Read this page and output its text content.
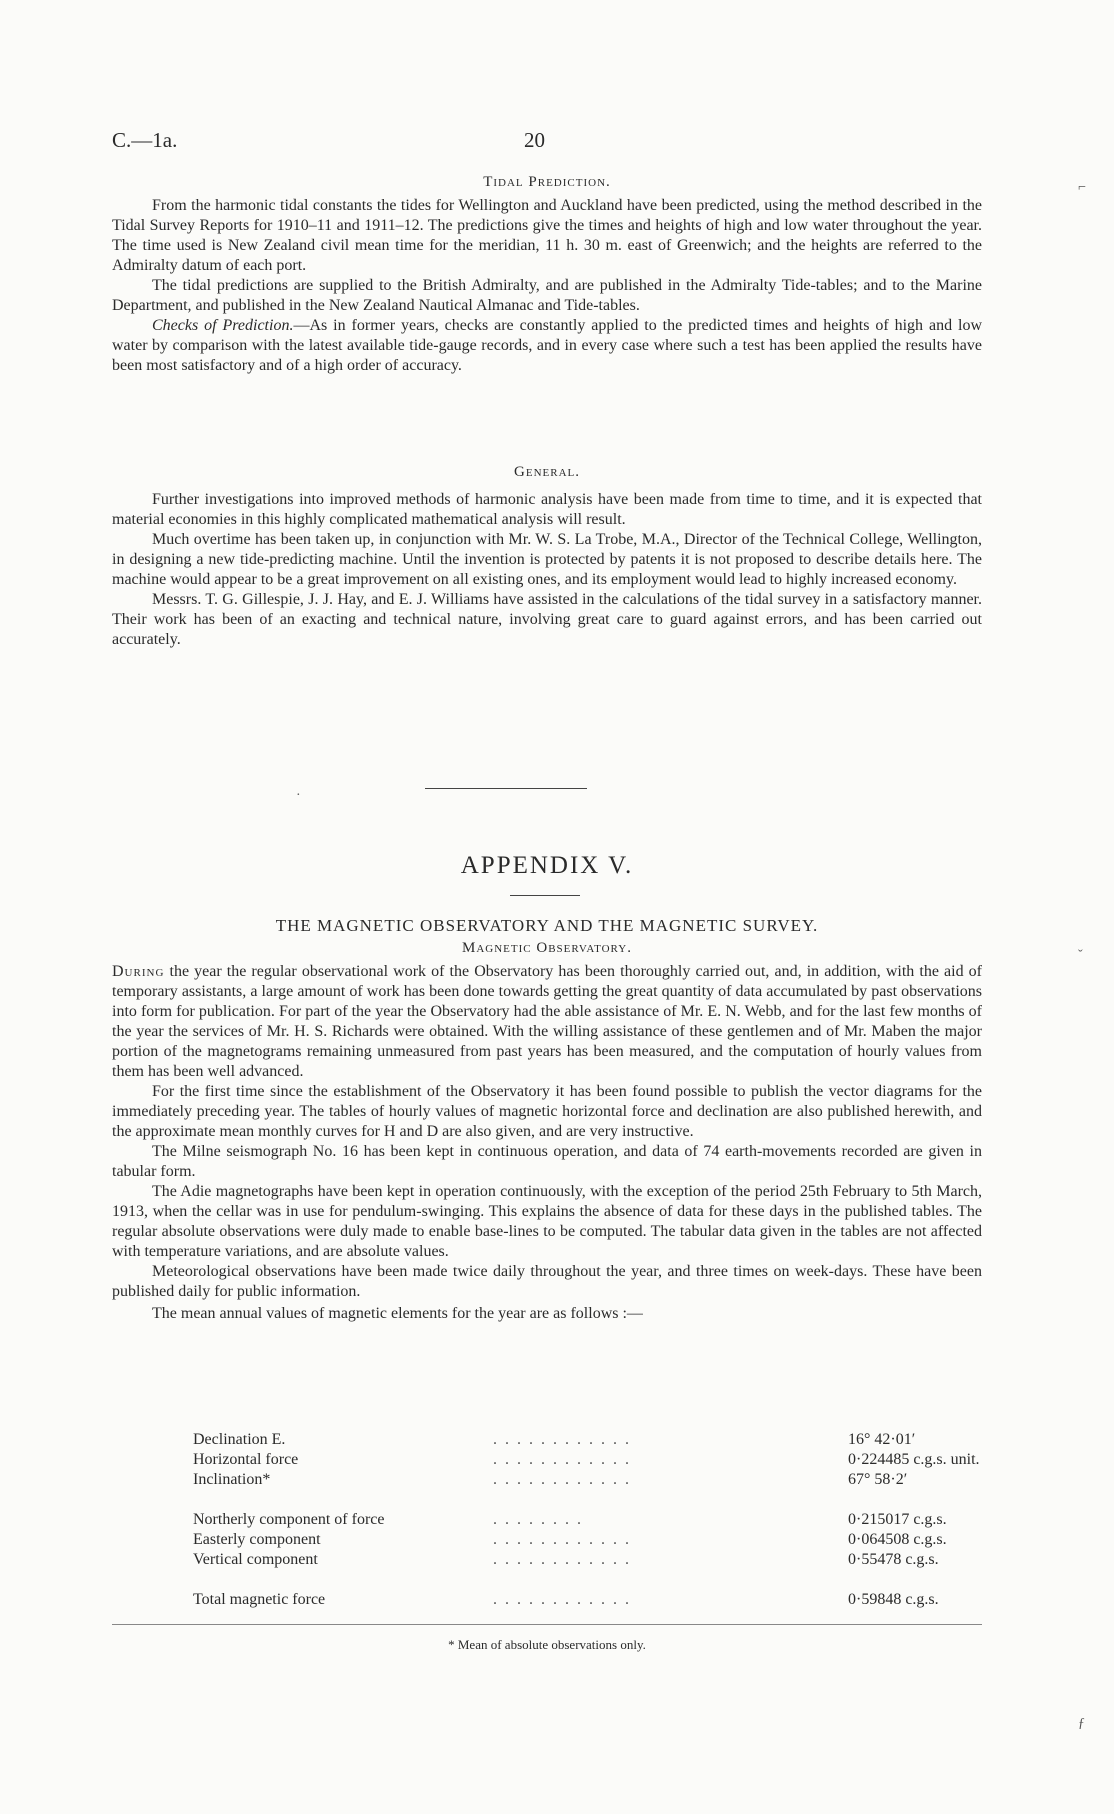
C.—1a.	20
Tidal Prediction.

From the harmonic tidal constants the tides for Wellington and Auckland have been predicted, using the method described in the Tidal Survey Reports for 1910–11 and 1911–12. The predictions give the times and heights of high and low water throughout the year. The time used is New Zealand civil mean time for the meridian, 11 h. 30 m. east of Greenwich; and the heights are referred to the Admiralty datum of each port.

The tidal predictions are supplied to the British Admiralty, and are published in the Admiralty Tide-tables; and to the Marine Department, and published in the New Zealand Nautical Almanac and Tide-tables.

Checks of Prediction.—As in former years, checks are constantly applied to the predicted times and heights of high and low water by comparison with the latest available tide-gauge records, and in every case where such a test has been applied the results have been most satisfactory and of a high order of accuracy.

General.

Further investigations into improved methods of harmonic analysis have been made from time to time, and it is expected that material economies in this highly complicated mathematical analysis will result.

Much overtime has been taken up, in conjunction with Mr. W. S. La Trobe, M.A., Director of the Technical College, Wellington, in designing a new tide-predicting machine. Until the invention is protected by patents it is not proposed to describe details here. The machine would appear to be a great improvement on all existing ones, and its employment would lead to highly increased economy.

Messrs. T. G. Gillespie, J. J. Hay, and E. J. Williams have assisted in the calculations of the tidal survey in a satisfactory manner. Their work has been of an exacting and technical nature, involving great care to guard against errors, and has been carried out accurately.

APPENDIX V.
THE MAGNETIC OBSERVATORY AND THE MAGNETIC SURVEY.
Magnetic Observatory.

During the year the regular observational work of the Observatory has been thoroughly carried out, and, in addition, with the aid of temporary assistants, a large amount of work has been done towards getting the great quantity of data accumulated by past observations into form for publication. For part of the year the Observatory had the able assistance of Mr. E. N. Webb, and for the last few months of the year the services of Mr. H. S. Richards were obtained. With the willing assistance of these gentlemen and of Mr. Maben the major portion of the magnetograms remaining unmeasured from past years has been measured, and the computation of hourly values from them has been well advanced.

For the first time since the establishment of the Observatory it has been found possible to publish the vector diagrams for the immediately preceding year. The tables of hourly values of magnetic horizontal force and declination are also published herewith, and the approximate mean monthly curves for H and D are also given, and are very instructive.

The Milne seismograph No. 16 has been kept in continuous operation, and data of 74 earth-movements recorded are given in tabular form.

The Adie magnetographs have been kept in operation continuously, with the exception of the period 25th February to 5th March, 1913, when the cellar was in use for pendulum-swinging. This explains the absence of data for these days in the published tables. The regular absolute observations were duly made to enable base-lines to be computed. The tabular data given in the tables are not affected with temperature variations, and are absolute values.

Meteorological observations have been made twice daily throughout the year, and three times on week-days. These have been published daily for public information.

The mean annual values of magnetic elements for the year are as follows :—

Declination E.	. . . . . . . . . . . .	16° 42·01′
Horizontal force	. . . . . . . . . . . .	0·224485 c.g.s. unit.
Inclination*	. . . . . . . . . . . .	67° 58·2′

Northerly component of force	. . . . . . . .	0·215017 c.g.s.
Easterly component	. . . . . . . . . . . .	0·064508 c.g.s.
Vertical component	. . . . . . . . . . . .	0·55478 c.g.s.

Total magnetic force	. . . . . . . . . . . .	0·59848 c.g.s.
* Mean of absolute observations only.
⌐
·
ˇ
ƒ
